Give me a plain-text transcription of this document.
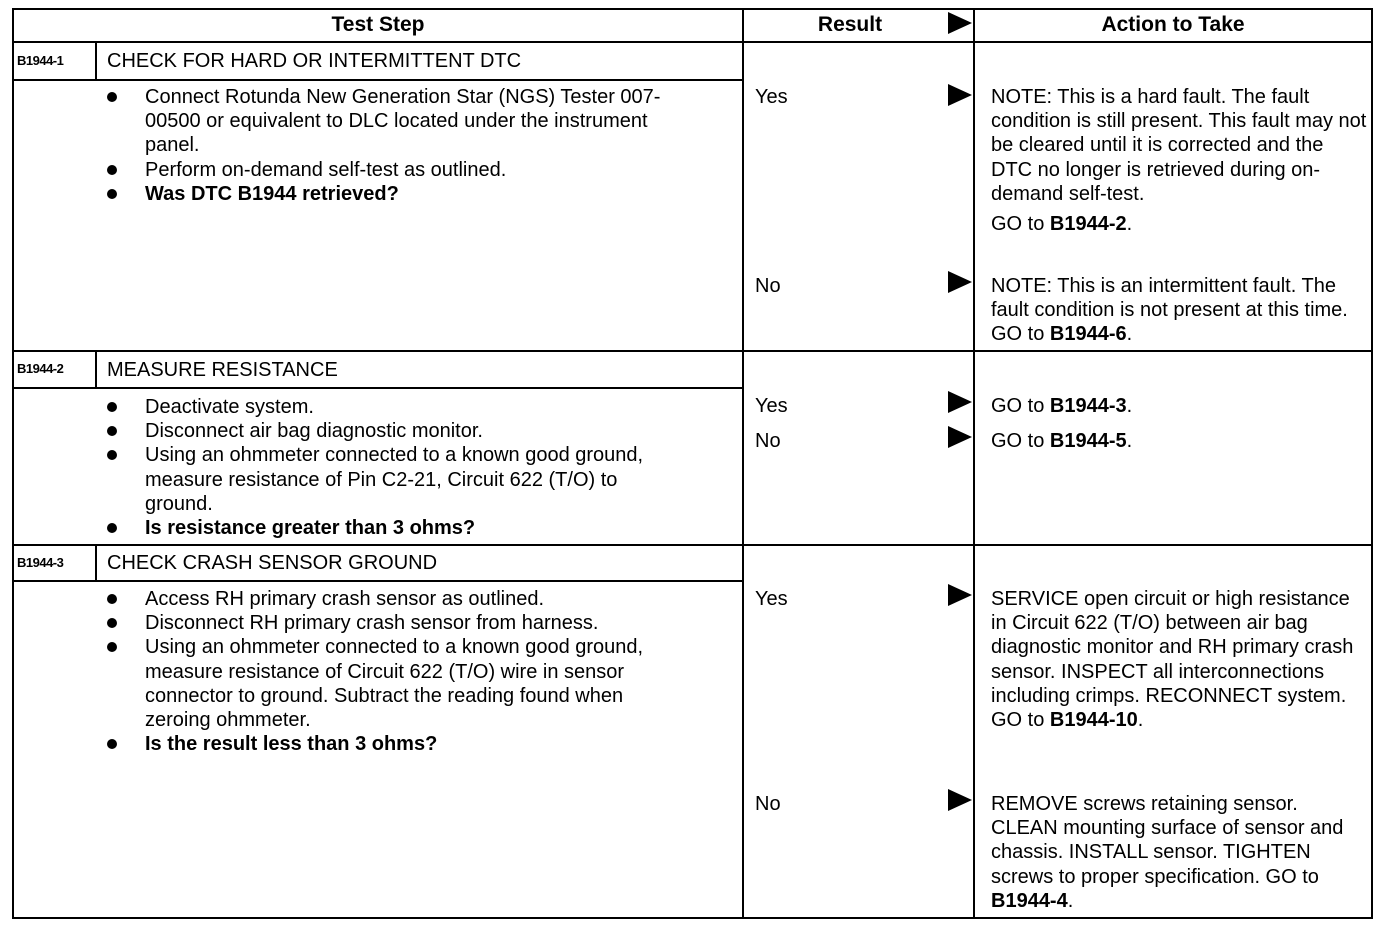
Test Step	Result	Action to Take
B1944-1 CHECK FOR HARD OR INTERMITTENT DTC
Connect Rotunda New Generation Star (NGS) Tester 007-00500 or equivalent to DLC located under the instrument panel.
Perform on-demand self-test as outlined.
Was DTC B1944 retrieved?
Yes	NOTE: This is a hard fault. The fault condition is still present. This fault may not be cleared until it is corrected and the DTC no longer is retrieved during on-demand self-test.

GO to B1944-2.

No	NOTE: This is an intermittent fault. The fault condition is not present at this time. GO to B1944-6.

B1944-2 MEASURE RESISTANCE
Deactivate system.
Disconnect air bag diagnostic monitor.
Using an ohmmeter connected to a known good ground, measure resistance of Pin C2-21, Circuit 622 (T/O) to ground.
Is resistance greater than 3 ohms?
Yes	GO to B1944-3.

No	GO to B1944-5.

B1944-3 CHECK CRASH SENSOR GROUND
Access RH primary crash sensor as outlined.
Disconnect RH primary crash sensor from harness.
Using an ohmmeter connected to a known good ground, measure resistance of Circuit 622 (T/O) wire in sensor connector to ground. Subtract the reading found when zeroing ohmmeter.
Is the result less than 3 ohms?
Yes	SERVICE open circuit or high resistance in Circuit 622 (T/O) between air bag diagnostic monitor and RH primary crash sensor. INSPECT all interconnections including crimps. RECONNECT system. GO to B1944-10.

No	REMOVE screws retaining sensor. CLEAN mounting surface of sensor and chassis. INSTALL sensor. TIGHTEN screws to proper specification. GO to B1944-4.
